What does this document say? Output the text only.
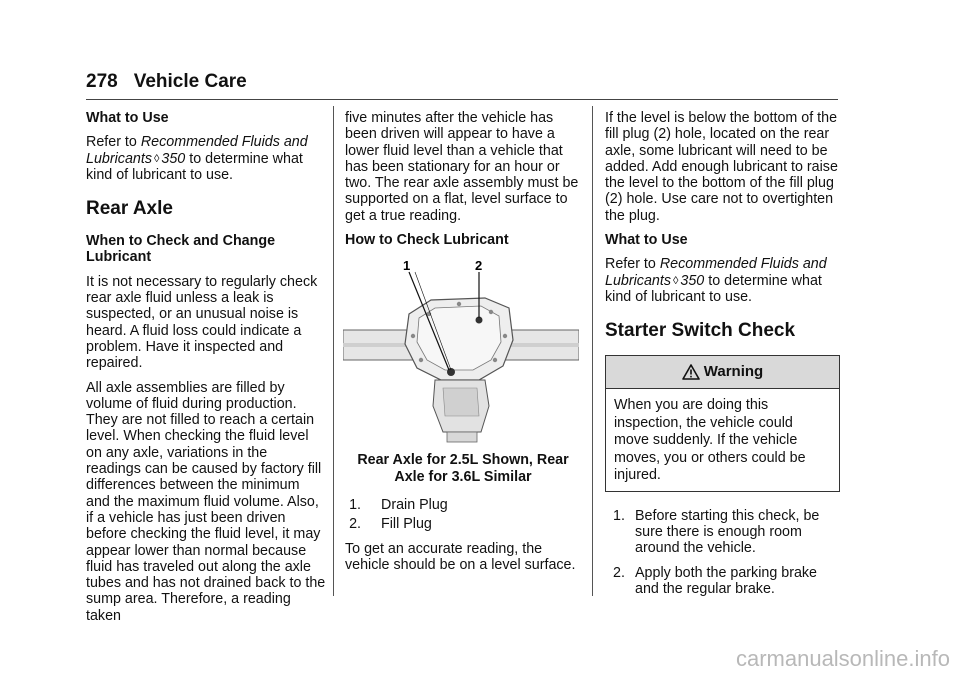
278 Vehicle Care
What to Use

Refer to Recommended Fluids and Lubricants ◊ 350 to determine what kind of lubricant to use.

Rear Axle
When to Check and Change Lubricant

It is not necessary to regularly check rear axle fluid unless a leak is suspected, or an unusual noise is heard. A fluid loss could indicate a problem. Have it inspected and repaired.

All axle assemblies are filled by volume of fluid during production. They are not filled to reach a certain level. When checking the fluid level on any axle, variations in the readings can be caused by factory fill differences between the minimum and the maximum fluid volume. Also, if a vehicle has just been driven before checking the fluid level, it may appear lower than normal because fluid has traveled out along the axle tubes and has not drained back to the sump area. Therefore, a reading taken

five minutes after the vehicle has been driven will appear to have a lower fluid level than a vehicle that has been stationary for an hour or two. The rear axle assembly must be supported on a flat, level surface to get a true reading.

How to Check Lubricant
1	2
Rear Axle for 2.5L Shown, Rear Axle for 3.6L Similar
1. Drain Plug
2. Fill Plug

To get an accurate reading, the vehicle should be on a level surface.

If the level is below the bottom of the fill plug (2) hole, located on the rear axle, some lubricant will need to be added. Add enough lubricant to raise the level to the bottom of the fill plug (2) hole. Use care not to overtighten the plug.

What to Use

Refer to Recommended Fluids and Lubricants ◊ 350 to determine what kind of lubricant to use.

Starter Switch Check
Warning
When you are doing this inspection, the vehicle could move suddenly. If the vehicle moves, you or others could be injured.
1. Before starting this check, be sure there is enough room around the vehicle.
2. Apply both the parking brake and the regular brake.
carmanualsonline.info
